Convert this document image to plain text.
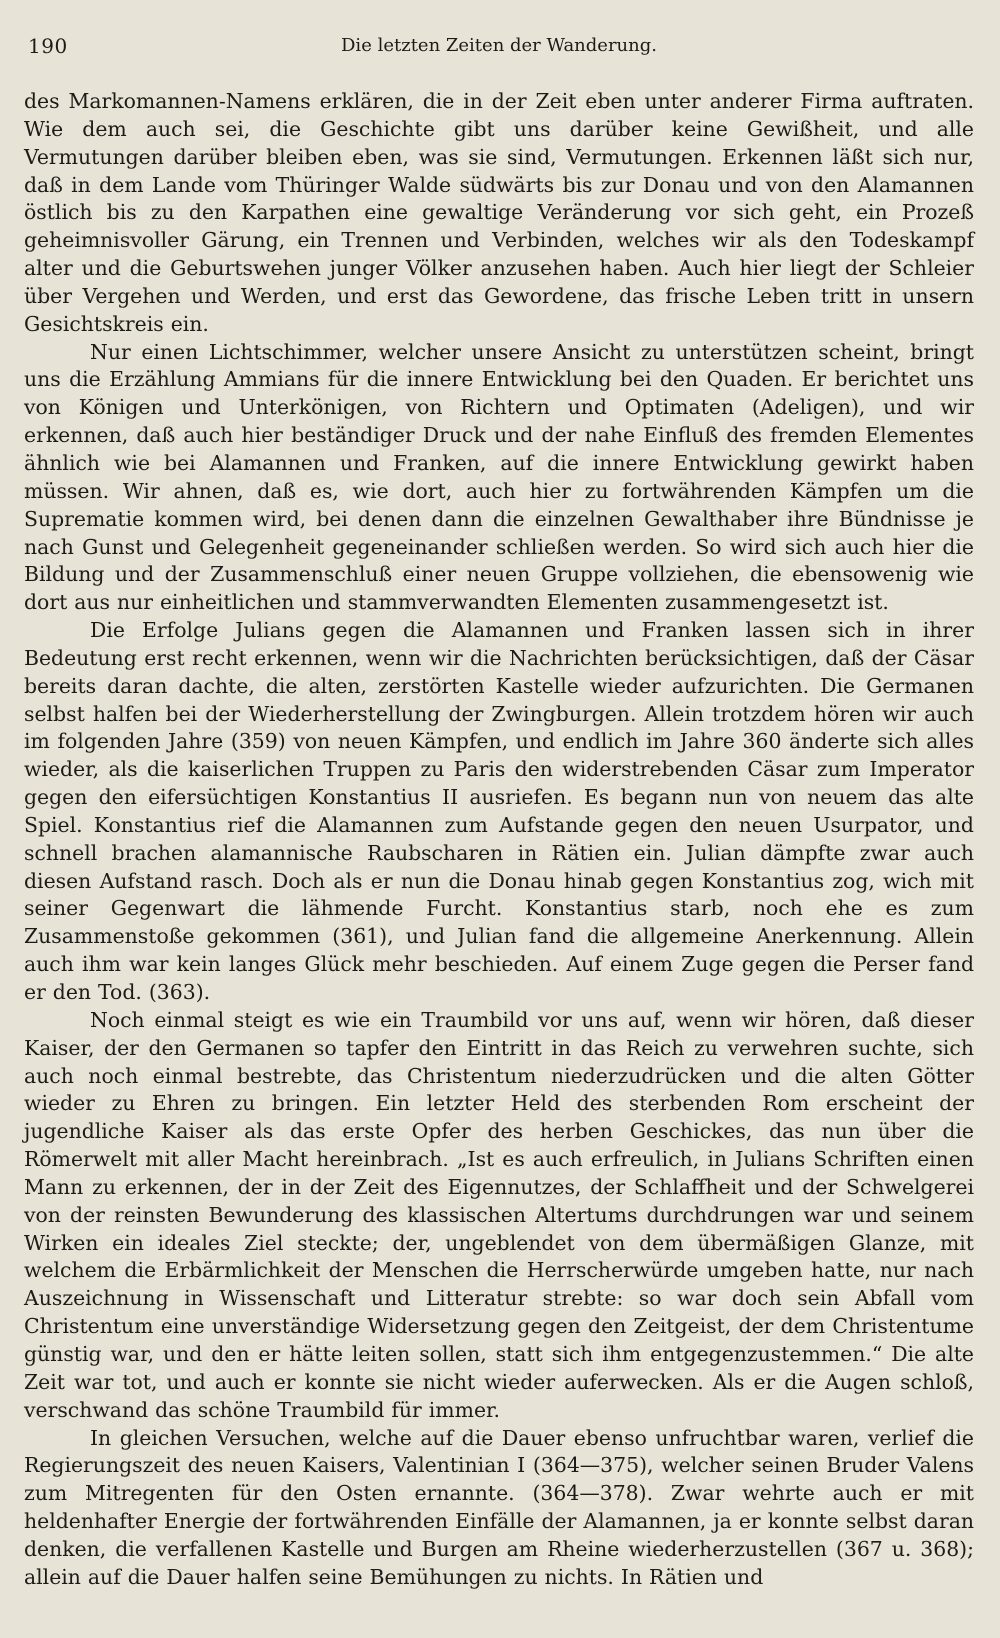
190	Die letzten Zeiten der Wanderung.

des Markomannen-Namens erklären, die in der Zeit eben unter anderer Firma auftraten. Wie dem auch sei, die Geschichte gibt uns darüber keine Gewißheit, und alle Vermutungen darüber bleiben eben, was sie sind, Vermutungen. Erkennen läßt sich nur, daß in dem Lande vom Thüringer Walde südwärts bis zur Donau und von den Alamannen östlich bis zu den Karpathen eine gewaltige Veränderung vor sich geht, ein Prozeß geheimnisvoller Gärung, ein Trennen und Verbinden, welches wir als den Todeskampf alter und die Geburtswehen junger Völker anzusehen haben. Auch hier liegt der Schleier über Vergehen und Werden, und erst das Gewordene, das frische Leben tritt in unsern Gesichtskreis ein.

Nur einen Lichtschimmer, welcher unsere Ansicht zu unterstützen scheint, bringt uns die Erzählung Ammians für die innere Entwicklung bei den Quaden. Er berichtet uns von Königen und Unterkönigen, von Richtern und Optimaten (Adeligen), und wir erkennen, daß auch hier beständiger Druck und der nahe Einfluß des fremden Elementes ähnlich wie bei Alamannen und Franken, auf die innere Entwicklung gewirkt haben müssen. Wir ahnen, daß es, wie dort, auch hier zu fortwährenden Kämpfen um die Suprematie kommen wird, bei denen dann die einzelnen Gewalthaber ihre Bündnisse je nach Gunst und Gelegenheit gegeneinander schließen werden. So wird sich auch hier die Bildung und der Zusammenschluß einer neuen Gruppe vollziehen, die ebensowenig wie dort aus nur einheitlichen und stammverwandten Elementen zusammengesetzt ist.

Die Erfolge Julians gegen die Alamannen und Franken lassen sich in ihrer Bedeutung erst recht erkennen, wenn wir die Nachrichten berücksichtigen, daß der Cäsar bereits daran dachte, die alten, zerstörten Kastelle wieder aufzurichten. Die Germanen selbst halfen bei der Wiederherstellung der Zwingburgen. Allein trotzdem hören wir auch im folgenden Jahre (359) von neuen Kämpfen, und endlich im Jahre 360 änderte sich alles wieder, als die kaiserlichen Truppen zu Paris den widerstrebenden Cäsar zum Imperator gegen den eifersüchtigen Konstantius II ausriefen. Es begann nun von neuem das alte Spiel. Konstantius rief die Alamannen zum Aufstande gegen den neuen Usurpator, und schnell brachen alamannische Raubscharen in Rätien ein. Julian dämpfte zwar auch diesen Aufstand rasch. Doch als er nun die Donau hinab gegen Konstantius zog, wich mit seiner Gegenwart die lähmende Furcht. Konstantius starb, noch ehe es zum Zusammenstoße gekommen (361), und Julian fand die allgemeine Anerkennung. Allein auch ihm war kein langes Glück mehr beschieden. Auf einem Zuge gegen die Perser fand er den Tod. (363).

Noch einmal steigt es wie ein Traumbild vor uns auf, wenn wir hören, daß dieser Kaiser, der den Germanen so tapfer den Eintritt in das Reich zu verwehren suchte, sich auch noch einmal bestrebte, das Christentum niederzudrücken und die alten Götter wieder zu Ehren zu bringen. Ein letzter Held des sterbenden Rom erscheint der jugendliche Kaiser als das erste Opfer des herben Geschickes, das nun über die Römerwelt mit aller Macht hereinbrach. „Ist es auch erfreulich, in Julians Schriften einen Mann zu erkennen, der in der Zeit des Eigennutzes, der Schlaffheit und der Schwelgerei von der reinsten Bewunderung des klassischen Altertums durchdrungen war und seinem Wirken ein ideales Ziel steckte; der, ungeblendet von dem übermäßigen Glanze, mit welchem die Erbärmlichkeit der Menschen die Herrscherwürde umgeben hatte, nur nach Auszeichnung in Wissenschaft und Litteratur strebte: so war doch sein Abfall vom Christentum eine unverständige Widersetzung gegen den Zeitgeist, der dem Christentume günstig war, und den er hätte leiten sollen, statt sich ihm entgegenzustemmen.“ Die alte Zeit war tot, und auch er konnte sie nicht wieder auferwecken. Als er die Augen schloß, verschwand das schöne Traumbild für immer.

In gleichen Versuchen, welche auf die Dauer ebenso unfruchtbar waren, verlief die Regierungszeit des neuen Kaisers, Valentinian I (364—375), welcher seinen Bruder Valens zum Mitregenten für den Osten ernannte. (364—378). Zwar wehrte auch er mit heldenhafter Energie der fortwährenden Einfälle der Alamannen, ja er konnte selbst daran denken, die verfallenen Kastelle und Burgen am Rheine wiederherzustellen (367 u. 368); allein auf die Dauer halfen seine Bemühungen zu nichts. In Rätien und
